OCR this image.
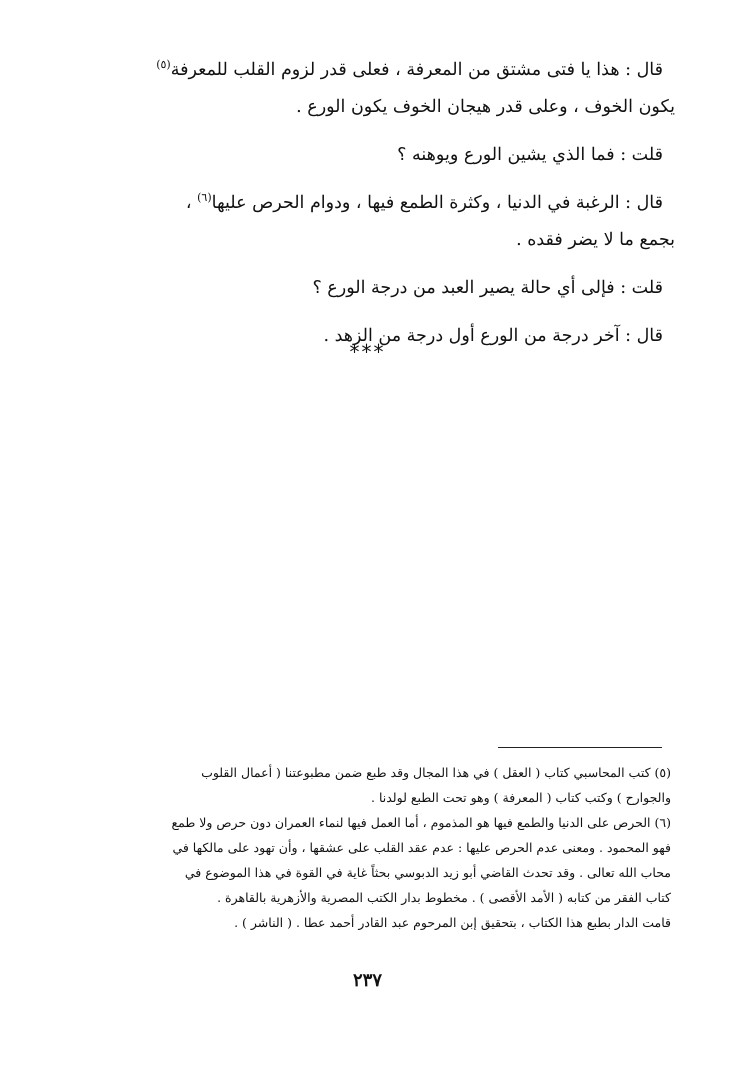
قال : هذا يا فتى مشتق من المعرفة ، فعلى قدر لزوم القلب للمعرفة$^{(٥)}$

يكون الخوف ، وعلى قدر هيجان الخوف يكون الورع .

قلت : فما الذي يشين الورع ويوهنه ؟

قال : الرغبة في الدنيا ، وكثرة الطمع فيها ، ودوام الحرص عليها$^{(٦)}$ ،

بجمع ما لا يضر فقده .

قلت : فإلى أي حالة يصير العبد من درجة الورع ؟

قال : آخر درجة من الورع أول درجة من الزهد .

***

(٥) كتب المحاسبي كتاب ( العقل ) في هذا المجال وقد طبع ضمن مطبوعتنا ( أعمال القلوب

والجوارح ) وكتب كتاب ( المعرفة ) وهو تحت الطبع لولدنا .

(٦) الحرص على الدنيا والطمع فيها هو المذموم ، أما العمل فيها لنماء العمران دون حرص ولا طمع

فهو المحمود . ومعنى عدم الحرص عليها : عدم عقد القلب على عشقها ، وأن تهود على مالكها في

محاب الله تعالى . وقد تحدث القاضي أبو زيد الدبوسي بحثاً غاية في القوة في هذا الموضوع في

كتاب الفقر من كتابه ( الأمد الأقصى ) . مخطوط بدار الكتب المصرية والأزهرية بالقاهرة .

قامت الدار بطبع هذا الكتاب ، بتحقيق إبن المرحوم عبد القادر أحمد عطا . ( الناشر ) .

٢٣٧
